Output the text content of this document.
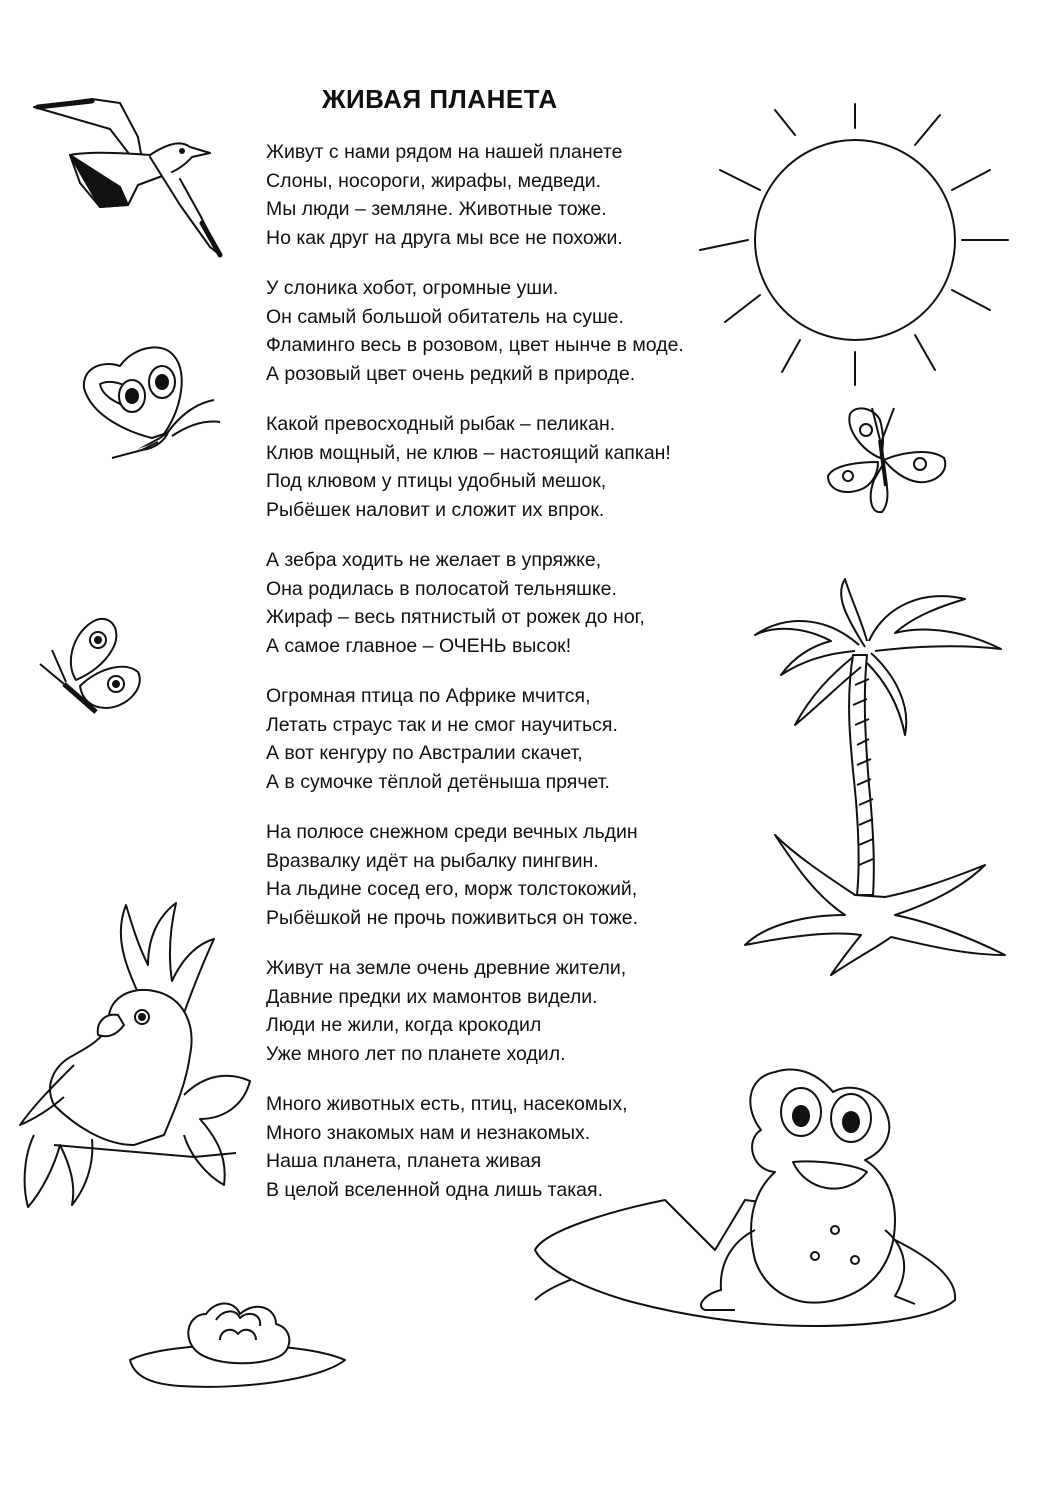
ЖИВАЯ ПЛАНЕТА
Живут с нами рядом на нашей планете
Слоны, носороги, жирафы, медведи.
Мы люди – земляне. Животные тоже.
Но как друг на друга мы все не похожи.
У слоника хобот, огромные уши.
Он самый большой обитатель на суше.
Фламинго весь в розовом, цвет нынче в моде.
А розовый цвет очень редкий в природе.
Какой превосходный рыбак – пеликан.
Клюв мощный, не клюв – настоящий капкан!
Под клювом у птицы удобный мешок,
Рыбёшек наловит и сложит их впрок.
А зебра ходить не желает в упряжке,
Она родилась в полосатой тельняшке.
Жираф – весь пятнистый от рожек до ног,
А самое главное – ОЧЕНЬ высок!
Огромная птица по Африке мчится,
Летать страус так и не смог научиться.
А вот кенгуру по Австралии скачет,
А в сумочке тёплой детёныша прячет.
На полюсе снежном среди вечных льдин
Вразвалку идёт на рыбалку пингвин.
На льдине сосед его, морж толстокожий,
Рыбёшкой не прочь поживиться он тоже.
Живут на земле очень древние жители,
Давние предки их мамонтов видели.
Люди не жили, когда крокодил
Уже много лет по планете ходил.
Много животных есть, птиц, насекомых,
Много знакомых нам и незнакомых.
Наша планета, планета живая
В целой вселенной одна лишь такая.
